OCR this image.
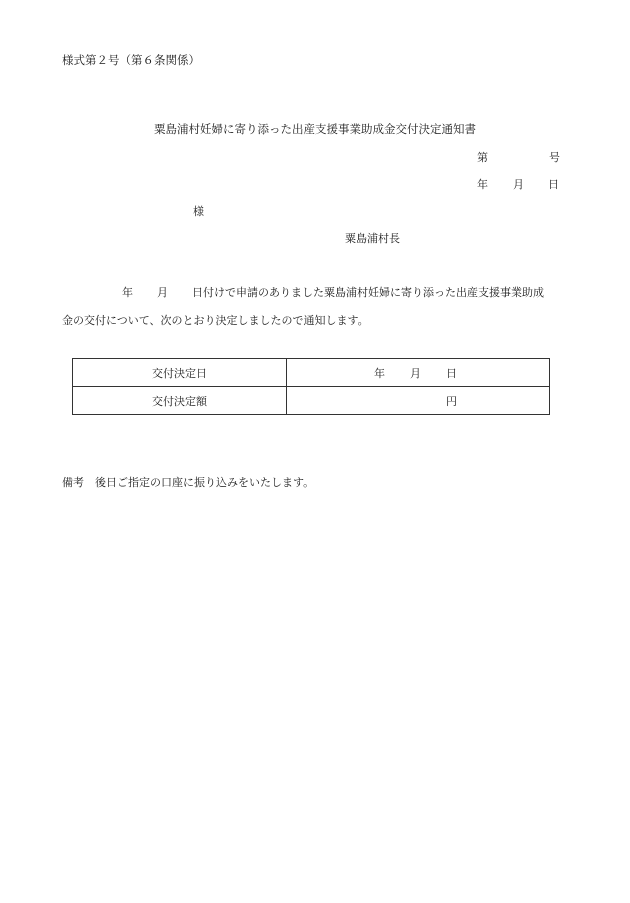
様式第２号（第６条関係）
粟島浦村妊婦に寄り添った出産支援事業助成金交付決定通知書
第	号
年 月 日
様
粟島浦村長
年 月 日付けで申請のありました粟島浦村妊婦に寄り添った出産支援事業助成
金の交付について、次のとおり決定しましたので通知します。
交付決定日	年 月 日

交付決定額	円
備考 後日ご指定の口座に振り込みをいたします。
